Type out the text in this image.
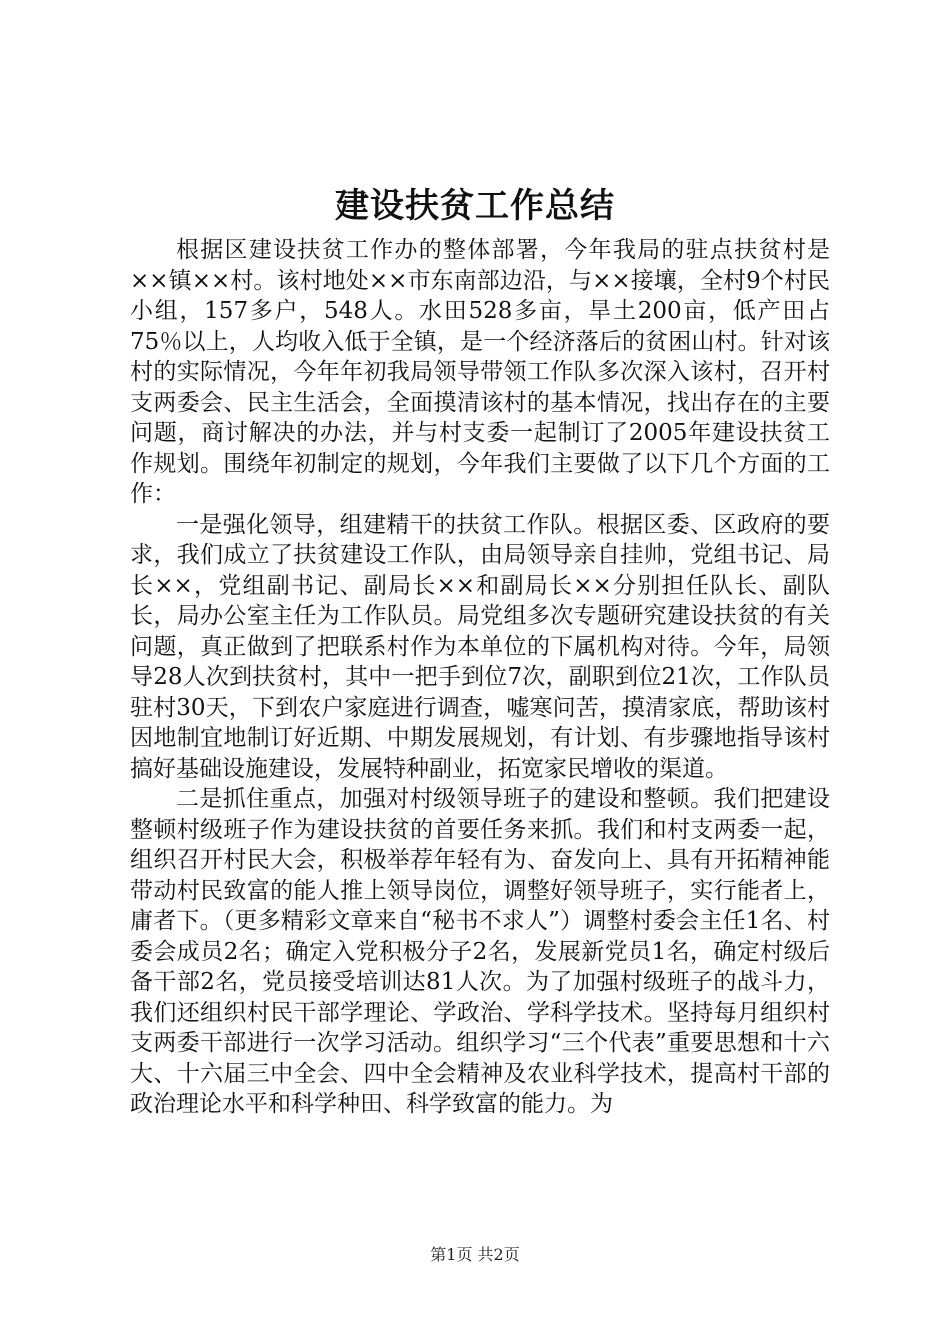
建设扶贫工作总结

根据区建设扶贫工作办的整体部署，今年我局的驻点扶贫村是××镇××村。该村地处××市东南部边沿，与××接壤，全村9个村民小组，157多户，548人。水田528多亩，旱土200亩，低产田占75％以上，人均收入低于全镇，是一个经济落后的贫困山村。针对该村的实际情况，今年年初我局领导带领工作队多次深入该村，召开村支两委会、民主生活会，全面摸清该村的基本情况，找出存在的主要问题，商讨解决的办法，并与村支委一起制订了2005年建设扶贫工作规划。围绕年初制定的规划，今年我们主要做了以下几个方面的工作：

一是强化领导，组建精干的扶贫工作队。根据区委、区政府的要求，我们成立了扶贫建设工作队，由局领导亲自挂帅，党组书记、局长××，党组副书记、副局长××和副局长××分别担任队长、副队长，局办公室主任为工作队员。局党组多次专题研究建设扶贫的有关问题，真正做到了把联系村作为本单位的下属机构对待。今年，局领导28人次到扶贫村，其中一把手到位7次，副职到位21次，工作队员驻村30天，下到农户家庭进行调查，嘘寒问苦，摸清家底，帮助该村因地制宜地制订好近期、中期发展规划，有计划、有步骤地指导该村搞好基础设施建设，发展特种副业，拓宽家民增收的渠道。

二是抓住重点，加强对村级领导班子的建设和整顿。我们把建设整顿村级班子作为建设扶贫的首要任务来抓。我们和村支两委一起，组织召开村民大会，积极举荐年轻有为、奋发向上、具有开拓精神能带动村民致富的能人推上领导岗位，调整好领导班子，实行能者上，庸者下。（更多精彩文章来自“秘书不求人”）调整村委会主任1名、村委会成员2名；确定入党积极分子2名，发展新党员1名，确定村级后备干部2名，党员接受培训达81人次。为了加强村级班子的战斗力，我们还组织村民干部学理论、学政治、学科学技术。坚持每月组织村支两委干部进行一次学习活动。组织学习“三个代表”重要思想和十六大、十六届三中全会、四中全会精神及农业科学技术，提高村干部的政治理论水平和科学种田、科学致富的能力。为

第1页 共2页
